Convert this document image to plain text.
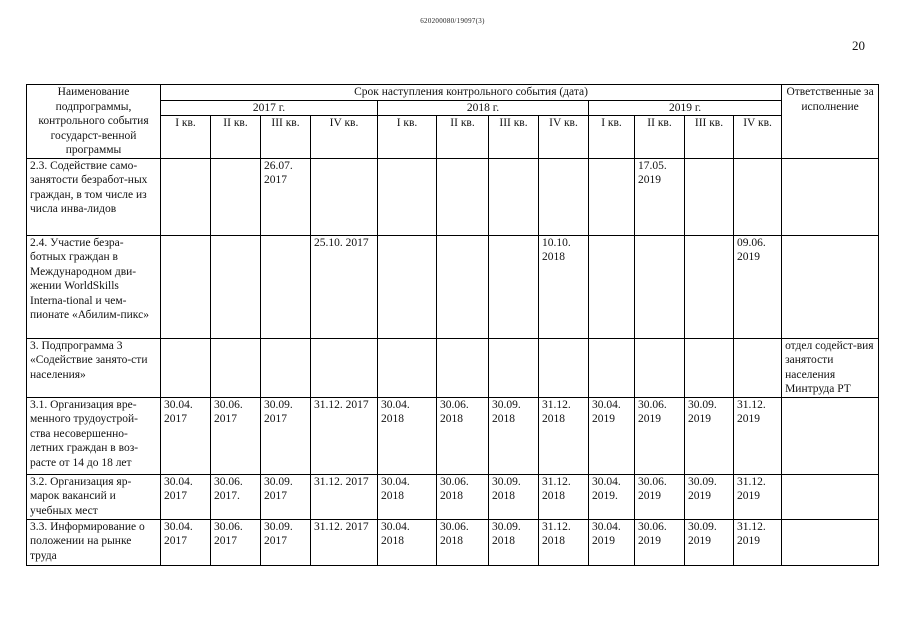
620200080/19097(3)
20
Наименование подпрограммы, контрольного события государст-венной программы	Срок наступления контрольного события (дата)												Ответственные за исполнение
	2017 г.				2018 г.				2019 г.				
	I кв.	II кв.	III кв.	IV кв.	I кв.	II кв.	III кв.	IV кв.	I кв.	II кв.	III кв.	IV кв.	
2.3. Содействие само-занятости безработ-ных граждан, в том числе из числа инва-лидов			26.07. 2017							17.05. 2019			
2.4. Участие безра-ботных граждан в Международном дви-жении WorldSkills Interna-tional и чем-пионате «Абилим-пикс»				25.10. 2017				10.10. 2018				09.06. 2019	
3. Подпрограмма 3 «Содействие занято-сти населения»													отдел содейст-вия занятости населения Минтруда РТ
3.1. Организация вре-менного трудоустрой-ства несовершенно-летних граждан в воз-расте от 14 до 18 лет	30.04. 2017	30.06. 2017	30.09. 2017	31.12. 2017	30.04. 2018	30.06. 2018	30.09. 2018	31.12. 2018	30.04. 2019	30.06. 2019	30.09. 2019	31.12. 2019	
3.2. Организация яр-марок вакансий и учебных мест	30.04. 2017	30.06. 2017.	30.09. 2017	31.12. 2017	30.04. 2018	30.06. 2018	30.09. 2018	31.12. 2018	30.04. 2019.	30.06. 2019	30.09. 2019	31.12. 2019	
3.3. Информирование о положении на рынке труда	30.04. 2017	30.06. 2017	30.09. 2017	31.12. 2017	30.04. 2018	30.06. 2018	30.09. 2018	31.12. 2018	30.04. 2019	30.06. 2019	30.09. 2019	31.12. 2019	
